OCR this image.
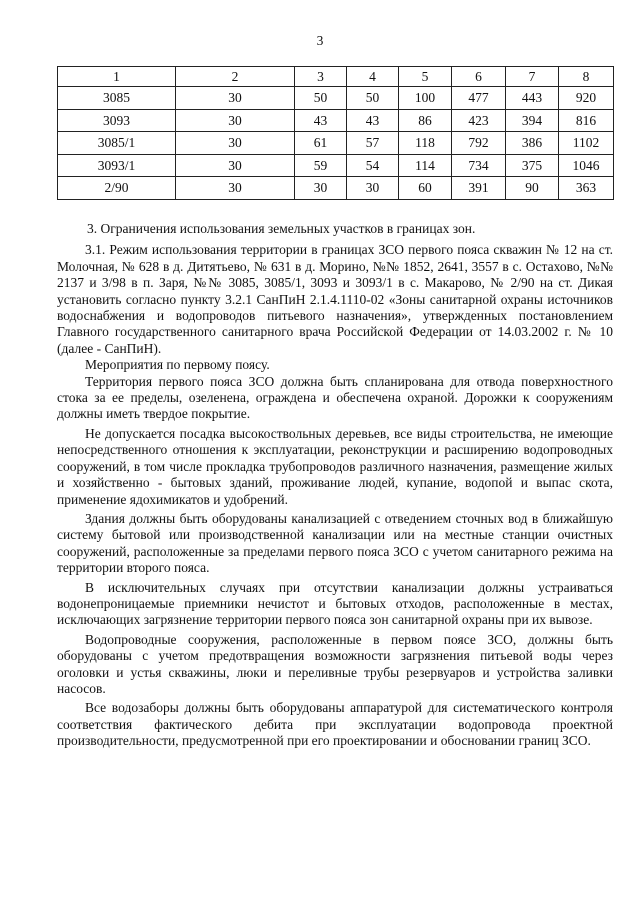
3
1	2	3	4	5	6	7	8
3085	30	50	50	100	477	443	920
3093	30	43	43	86	423	394	816
3085/1	30	61	57	118	792	386	1102
3093/1	30	59	54	114	734	375	1046
2/90	30	30	30	60	391	90	363

3. Ограничения использования земельных участков в границах зон.

3.1. Режим использования территории в границах ЗСО первого пояса скважин № 12 на ст. Молочная, № 628 в д. Дитятьево, № 631 в д. Морино, №№ 1852, 2641, 3557 в с. Остахово, №№ 2137 и 3/98 в п. Заря, №№ 3085, 3085/1, 3093 и 3093/1 в с. Макарово, № 2/90 на ст. Дикая установить согласно пункту 3.2.1 СанПиН 2.1.4.1110-02 «Зоны санитарной охраны источников водоснабжения и водопроводов питьевого назначения», утвержденных постановлением Главного государственного санитарного врача Российской Федерации от 14.03.2002 г. № 10 (далее - СанПиН).

Мероприятия по первому поясу.

Территория первого пояса ЗСО должна быть спланирована для отвода поверхностного стока за ее пределы, озеленена, ограждена и обеспечена охраной. Дорожки к сооружениям должны иметь твердое покрытие.

Не допускается посадка высокоствольных деревьев, все виды строительства, не имеющие непосредственного отношения к эксплуатации, реконструкции и расширению водопроводных сооружений, в том числе прокладка трубопроводов различного назначения, размещение жилых и хозяйственно - бытовых зданий, проживание людей, купание, водопой и выпас скота, применение ядохимикатов и удобрений.

Здания должны быть оборудованы канализацией с отведением сточных вод в ближайшую систему бытовой или производственной канализации или на местные станции очистных сооружений, расположенные за пределами первого пояса ЗСО с учетом санитарного режима на территории второго пояса.

В исключительных случаях при отсутствии канализации должны устраиваться водонепроницаемые приемники нечистот и бытовых отходов, расположенные в местах, исключающих загрязнение территории первого пояса зон санитарной охраны при их вывозе.

Водопроводные сооружения, расположенные в первом поясе ЗСО, должны быть оборудованы с учетом предотвращения возможности загрязнения питьевой воды через оголовки и устья скважины, люки и переливные трубы резервуаров и устройства заливки насосов.

Все водозаборы должны быть оборудованы аппаратурой для систематического контроля соответствия фактического дебита при эксплуатации водопровода проектной производительности, предусмотренной при его проектировании и обосновании границ ЗСО.
